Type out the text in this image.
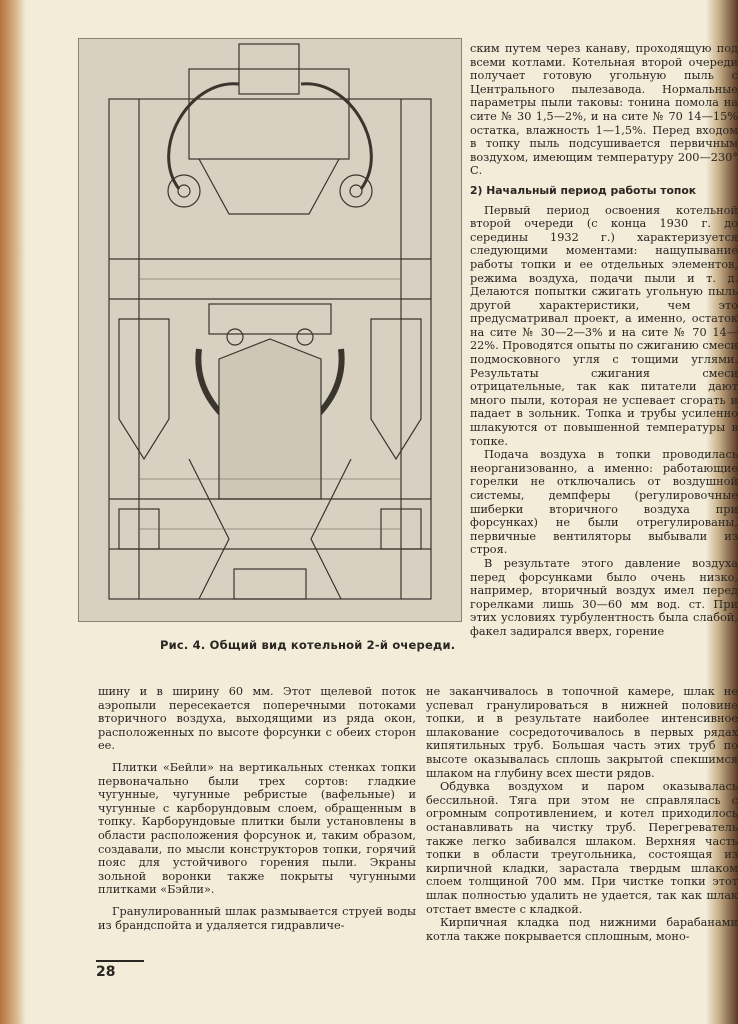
Рис. 4. Общий вид котельной 2-й очереди.

ским путем через канаву, проходящую под всеми котлами. Котельная второй очереди получает готовую угольную пыль с Центрального пылезавода. Нормальные параметры пыли таковы: тонина помола на сите № 30 1,5—2%, и на сите № 70 14—15% остатка, влажность 1—1,5%. Перед входом в топку пыль подсушивается первичным воздухом, имеющим температуру 200—230° С.

2) Начальный период работы топок

Первый период освоения котельной второй очереди (с конца 1930 г. до середины 1932 г.) характеризуется следующими моментами: нащупывание работы топки и ее отдельных элементов, режима воздуха, подачи пыли и т. д. Делаются попытки сжигать угольную пыль другой характеристики, чем это предусматривал проект, а именно, остаток на сите № 30—2—3% и на сите № 70 14—22%. Проводятся опыты по сжиганию смеси подмосковного угля с тощими углями. Результаты сжигания смеси отрицательные, так как питатели дают много пыли, которая не успевает сгорать и падает в зольник. Топка и трубы усиленно шлакуются от повышенной температуры в топке.

Подача воздуха в топки проводилась неорганизованно, а именно: работающие горелки не отключались от воздушной системы, демпферы (регулировочные шиберки вторичного воздуха при форсунках) не были отрегулированы, первичные вентиляторы выбывали из строя.

В результате этого давление воздуха перед форсунками было очень низко, например, вторичный воздух имел перед горелками лишь 30—60 мм вод. ст. При этих условиях турбулентность была слабой, факел задирался вверх, горение

шину и в ширину 60 мм. Этот щелевой поток аэропыли пересекается поперечными потоками вторичного воздуха, выходящими из ряда окон, расположенных по высоте форсунки с обеих сторон ее.

Плитки «Бейли» на вертикальных стенках топки первоначально были трех сортов: гладкие чугунные, чугунные ребристые (вафельные) и чугунные с карборундовым слоем, обращенным в топку. Карборундовые плитки были установлены в области расположения форсунок и, таким образом, создавали, по мысли конструкторов топки, горячий пояс для устойчивого горения пыли. Экраны зольной воронки также покрыты чугунными плитками «Бэйли».

Гранулированный шлак размывается струей воды из брандспойта и удаляется гидравличе-

не заканчивалось в топочной камере, шлак не успевал гранулироваться в нижней половине топки, и в результате наиболее интенсивное шлакование сосредоточивалось в первых рядах кипятильных труб. Большая часть этих труб по высоте оказывалась сплошь закрытой спекшимся шлаком на глубину всех шести рядов.

Обдувка воздухом и паром оказывалась бессильной. Тяга при этом не справлялась с огромным сопротивлением, и котел приходилось останавливать на чистку труб. Перегреватель также легко забивался шлаком. Верхняя часть топки в области треугольника, состоящая из кирпичной кладки, зарастала твердым шлаком слоем толщиной 700 мм. При чистке топки этот шлак полностью удалить не удается, так как шлак отстает вместе с кладкой.

Кирпичная кладка под нижними барабанами котла также покрывается сплошным, моно-

28
